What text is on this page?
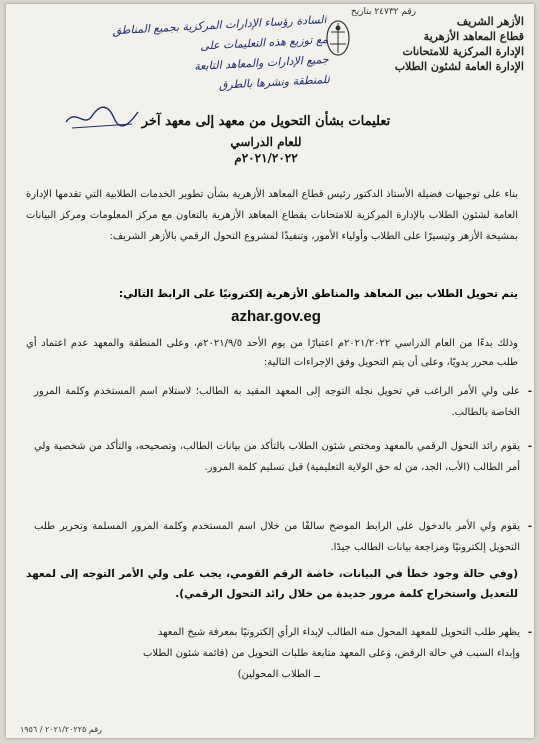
رقم ٢٤٧٣٢ بتاريخ
الأزهر الشريف
قطاع المعاهد الأزهرية
الإدارة المركزية للامتحانات
الإدارة العامة لشئون الطلاب
السادة رؤساء الإدارات المركزية بجميع المناطق
مع توزيع هذه التعليمات على
جميع الإدارات والمعاهد التابعة
للمنطقة ونشرها بالطرق
تعليمات بشأن التحويل من معهد إلى معهد آخر
للعام الدراسي
٢٠٢١/٢٠٢٢م
بناء على توجيهات فضيلة الأستاذ الدكتور رئيس قطاع المعاهد الأزهرية بشأن تطوير الخدمات الطلابية التي تقدمها الإدارة العامة لشئون الطلاب بالإدارة المركزية للامتحانات بقطاع المعاهد الأزهرية بالتعاون مع مركز المعلومات ومركز البيانات بمشيخة الأزهر وتيسيرًا على الطلاب وأولياء الأمور، وتنفيذًا لمشروع التحول الرقمي بالأزهر الشريف:
يتم تحويل الطلاب بين المعاهد والمناطق الأزهرية إلكترونيًا على الرابط التالي:
azhar.gov.eg
وذلك بدءًا من العام الدراسي ٢٠٢١/٢٠٢٢م اعتبارًا من يوم الأحد ٢٠٢١/٩/٥م، وعلى المنطقة والمعهد عدم اعتماد أي طلب محرر يدويًا، وعلى أن يتم التحويل وفق الإجراءات التالية:
-
على ولي الأمر الراغب في تحويل نجله التوجه إلى المعهد المقيد به الطالب؛ لاستلام اسم المستخدم وكلمة المرور الخاصة بالطالب.
-
يقوم رائد التحول الرقمي بالمعهد ومختص شئون الطلاب بالتأكد من بيانات الطالب، وتصحيحه، والتأكد من شخصية ولي أمر الطالب (الأب، الجد، من له حق الولاية التعليمية) قبل تسليم كلمة المرور.
-
يقوم ولي الأمر بالدخول على الرابط الموضح سالفًا من خلال اسم المستخدم وكلمة المرور المسلمة وتحرير طلب التحويل إلكترونيًا ومراجعة بيانات الطالب جيدًا.
(وفي حالة وجود خطأ في البيانات، خاصة الرقم القومي، يجب على ولي الأمر التوجه إلى لمعهد للتعديل واستخراج كلمة مرور جديدة من خلال رائد التحول الرقمي).
-
يظهر طلب التحويل للمعهد المحول منه الطالب لإبداء الرأي إلكترونيًا بمعرفة شيخ المعهد
وإبداء السبب في حالة الرفض، وعلى المعهد متابعة طلبات التحويل من (قائمة شئون الطلاب
ــ الطلاب المحولين)
رقم ٢٠٢١/٢٠٢٢٥ / ١٩٥٦
